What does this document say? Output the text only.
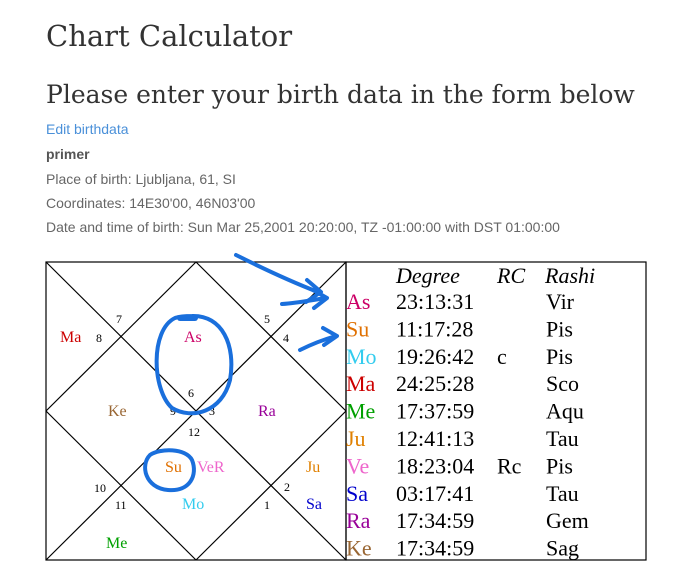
Chart Calculator
Please enter your birth data in the form below
Edit birthdata
primer
Place of birth: Ljubljana, 61, SI
Coordinates: 14E30'00, 46N03'00
Date and time of birth: Sun Mar 25,2001 20:20:00, TZ -01:00:00 with DST 01:00:00
7
8
5
4
6
9	3
12
10
11
2
1
As
Ma
Ke	Ra
Su VeR	Ju
Mo	Sa
Me
Degree RC Rashi
As 23:13:31	Vir
Su 11:17:28	Pis
Mo 19:26:42 c Pis
Ma 24:25:28	Sco
Me 17:37:59	Aqu
Ju 12:41:13	Tau
Ve 18:23:04 Rc Pis
Sa 03:17:41	Tau
Ra 17:34:59	Gem
Ke 17:34:59	Sag
